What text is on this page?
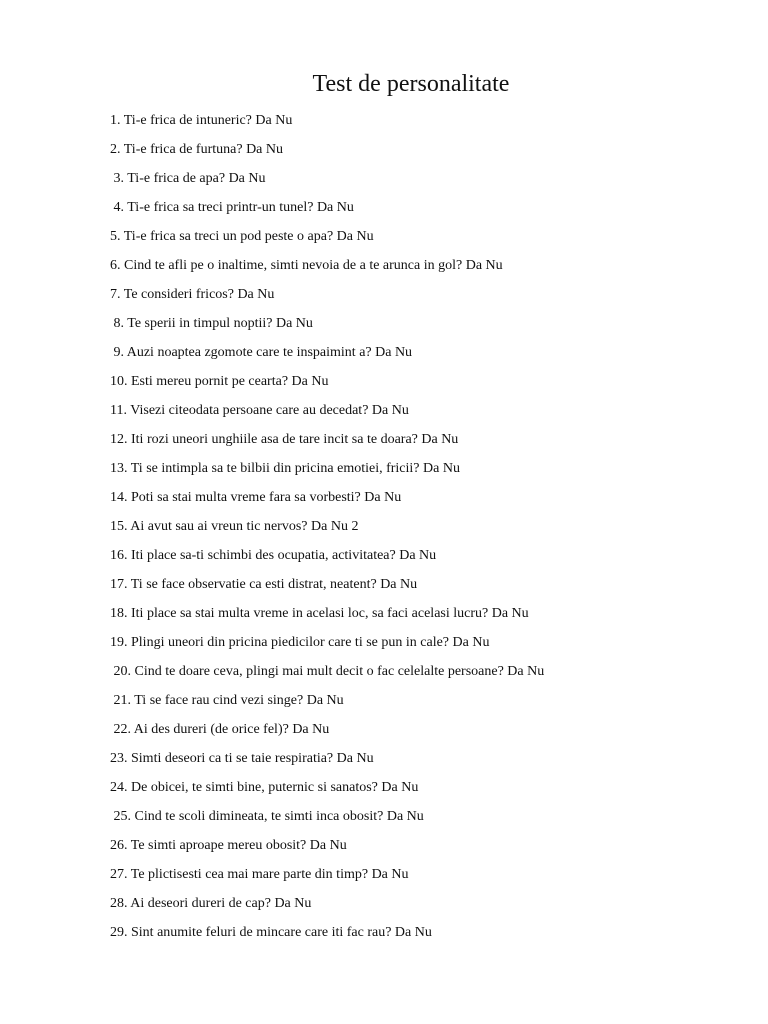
Test de personalitate
1. Ti-e frica de intuneric? Da Nu
2. Ti-e frica de furtuna? Da Nu
3. Ti-e frica de apa? Da Nu
4. Ti-e frica sa treci printr-un tunel? Da Nu
5. Ti-e frica sa treci un pod peste o apa? Da Nu
6. Cind te afli pe o inaltime, simti nevoia de a te arunca in gol? Da Nu
7. Te consideri fricos? Da Nu
8. Te sperii in timpul noptii? Da Nu
9. Auzi noaptea zgomote care te inspaimint a? Da Nu
10. Esti mereu pornit pe cearta? Da Nu
11. Visezi citeodata persoane care au decedat? Da Nu
12. Iti rozi uneori unghiile asa de tare incit sa te doara? Da Nu
13. Ti se intimpla sa te bilbii din pricina emotiei, fricii? Da Nu
14. Poti sa stai multa vreme fara sa vorbesti? Da Nu
15. Ai avut sau ai vreun tic nervos? Da Nu 2
16. Iti place sa-ti schimbi des ocupatia, activitatea? Da Nu
17. Ti se face observatie ca esti distrat, neatent? Da Nu
18. Iti place sa stai multa vreme in acelasi loc, sa faci acelasi lucru? Da Nu
19. Plingi uneori din pricina piedicilor care ti se pun in cale? Da Nu
20. Cind te doare ceva, plingi mai mult decit o fac celelalte persoane? Da Nu
21. Ti se face rau cind vezi singe? Da Nu
22. Ai des dureri (de orice fel)? Da Nu
23. Simti deseori ca ti se taie respiratia? Da Nu
24. De obicei, te simti bine, puternic si sanatos? Da Nu
25. Cind te scoli dimineata, te simti inca obosit? Da Nu
26. Te simti aproape mereu obosit? Da Nu
27. Te plictisesti cea mai mare parte din timp? Da Nu
28. Ai deseori dureri de cap? Da Nu
29. Sint anumite feluri de mincare care iti fac rau? Da Nu
